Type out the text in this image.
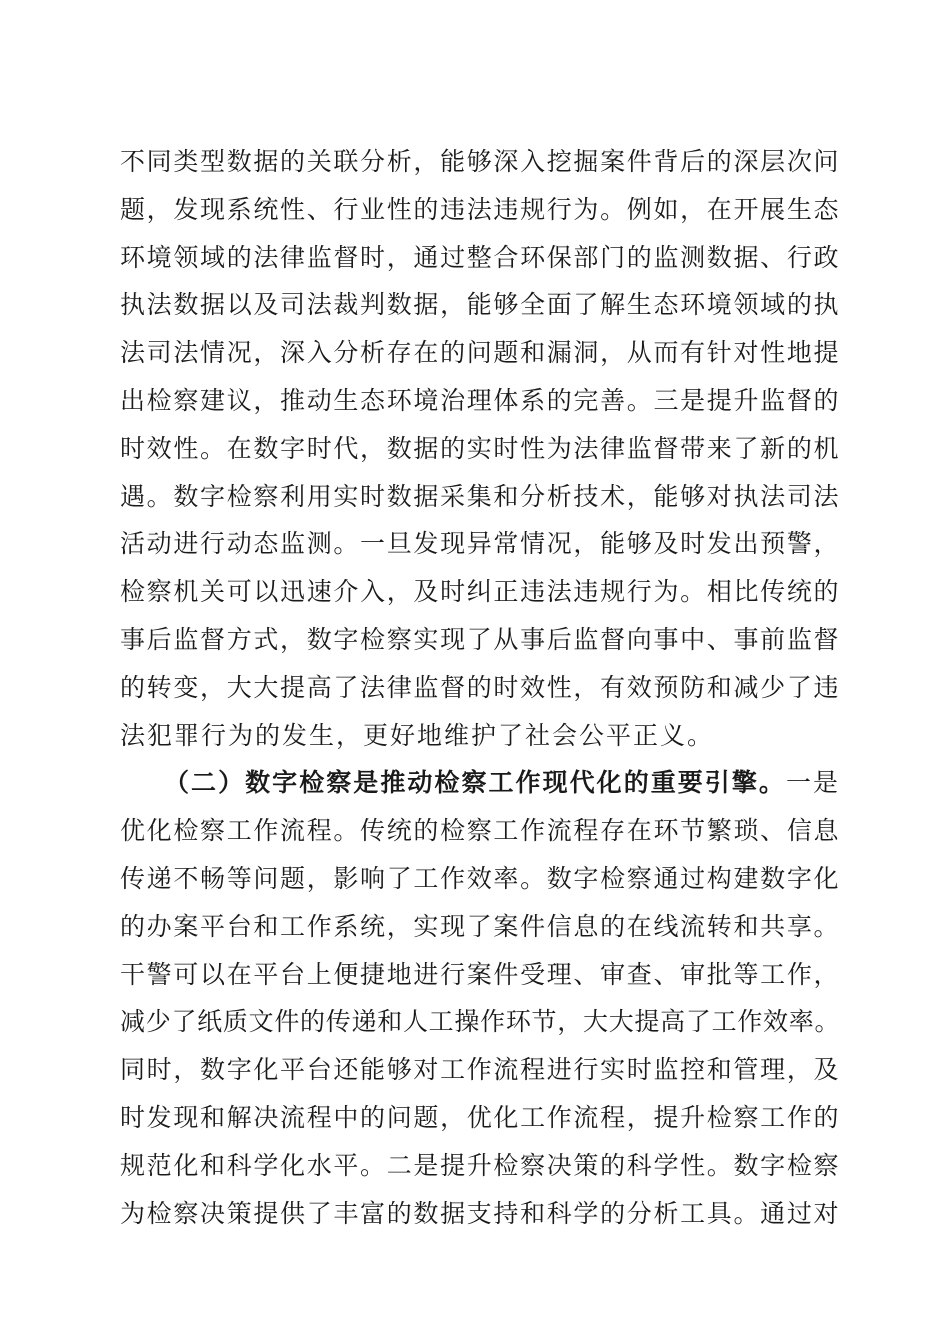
不同类型数据的关联分析，能够深入挖掘案件背后的深层次问
题，发现系统性、行业性的违法违规行为。例如，在开展生态
环境领域的法律监督时，通过整合环保部门的监测数据、行政
执法数据以及司法裁判数据，能够全面了解生态环境领域的执
法司法情况，深入分析存在的问题和漏洞，从而有针对性地提
出检察建议，推动生态环境治理体系的完善。三是提升监督的
时效性。在数字时代，数据的实时性为法律监督带来了新的机
遇。数字检察利用实时数据采集和分析技术，能够对执法司法
活动进行动态监测。一旦发现异常情况，能够及时发出预警，
检察机关可以迅速介入，及时纠正违法违规行为。相比传统的
事后监督方式，数字检察实现了从事后监督向事中、事前监督
的转变，大大提高了法律监督的时效性，有效预防和减少了违
法犯罪行为的发生，更好地维护了社会公平正义。
（二）数字检察是推动检察工作现代化的重要引擎。一是
优化检察工作流程。传统的检察工作流程存在环节繁琐、信息
传递不畅等问题，影响了工作效率。数字检察通过构建数字化
的办案平台和工作系统，实现了案件信息的在线流转和共享。
干警可以在平台上便捷地进行案件受理、审查、审批等工作，
减少了纸质文件的传递和人工操作环节，大大提高了工作效率。
同时，数字化平台还能够对工作流程进行实时监控和管理，及
时发现和解决流程中的问题，优化工作流程，提升检察工作的
规范化和科学化水平。二是提升检察决策的科学性。数字检察
为检察决策提供了丰富的数据支持和科学的分析工具。通过对
